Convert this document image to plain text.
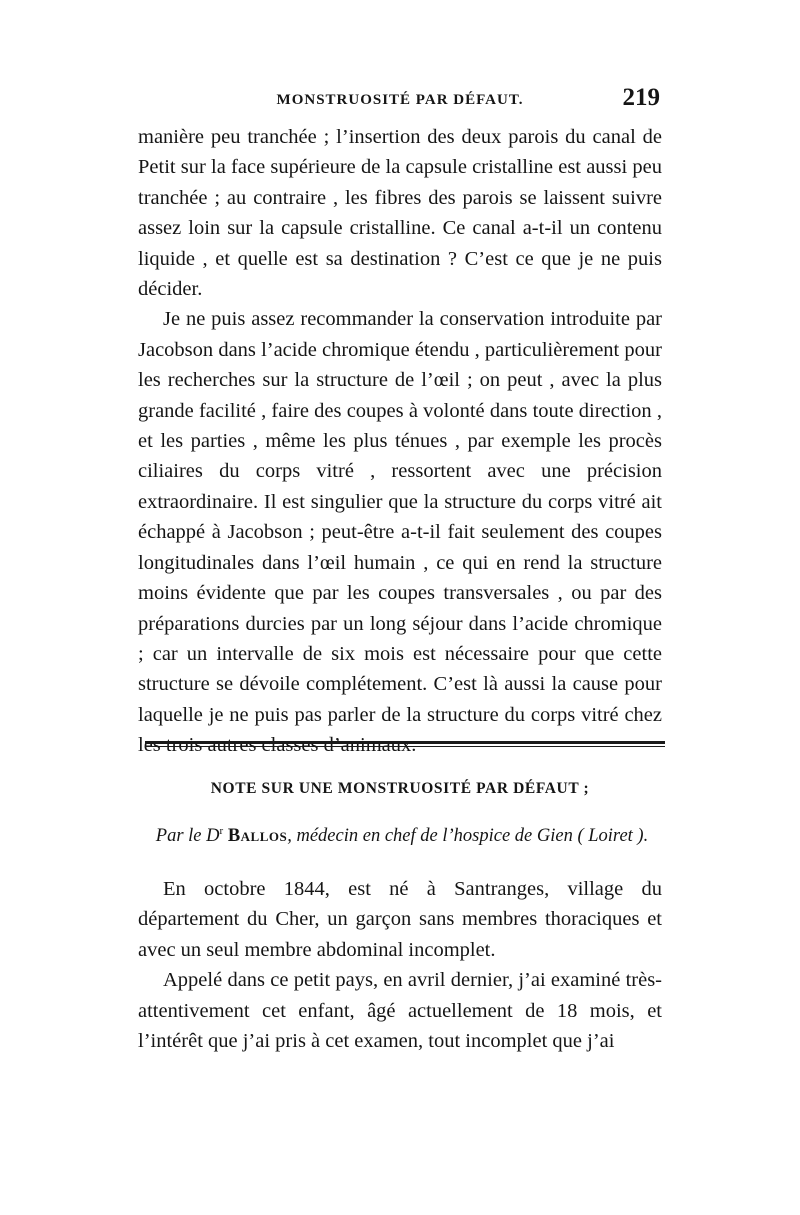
MONSTRUOSITÉ PAR DÉFAUT.	219

manière peu tranchée ; l’insertion des deux parois du canal de Petit sur la face supérieure de la capsule cristalline est aussi peu tranchée ; au contraire , les fibres des parois se laissent suivre assez loin sur la capsule cristalline. Ce canal a-t-il un contenu liquide , et quelle est sa destination ? C’est ce que je ne puis décider.

Je ne puis assez recommander la conservation introduite par Jacobson dans l’acide chromique étendu , particulièrement pour les recherches sur la structure de l’œil ; on peut , avec la plus grande facilité , faire des coupes à volonté dans toute direction , et les parties , même les plus ténues , par exemple les procès ciliaires du corps vitré , ressortent avec une précision extraordinaire. Il est singulier que la structure du corps vitré ait échappé à Jacobson ; peut-être a-t-il fait seulement des coupes longitudinales dans l’œil humain , ce qui en rend la structure moins évidente que par les coupes transversales , ou par des préparations durcies par un long séjour dans l’acide chromique ; car un intervalle de six mois est nécessaire pour que cette structure se dévoile complétement. C’est là aussi la cause pour laquelle je ne puis pas parler de la structure du corps vitré chez les trois autres classes d’animaux.

NOTE SUR UNE MONSTRUOSITÉ PAR DÉFAUT ;
Par le $D^r$ Ballos, médecin en chef de l’hospice de Gien ( Loiret ).

En octobre 1844, est né à Santranges, village du département du Cher, un garçon sans membres thoraciques et avec un seul membre abdominal incomplet.

Appelé dans ce petit pays, en avril dernier, j’ai examiné très-attentivement cet enfant, âgé actuellement de 18 mois, et l’intérêt que j’ai pris à cet examen, tout incomplet que j’ai
